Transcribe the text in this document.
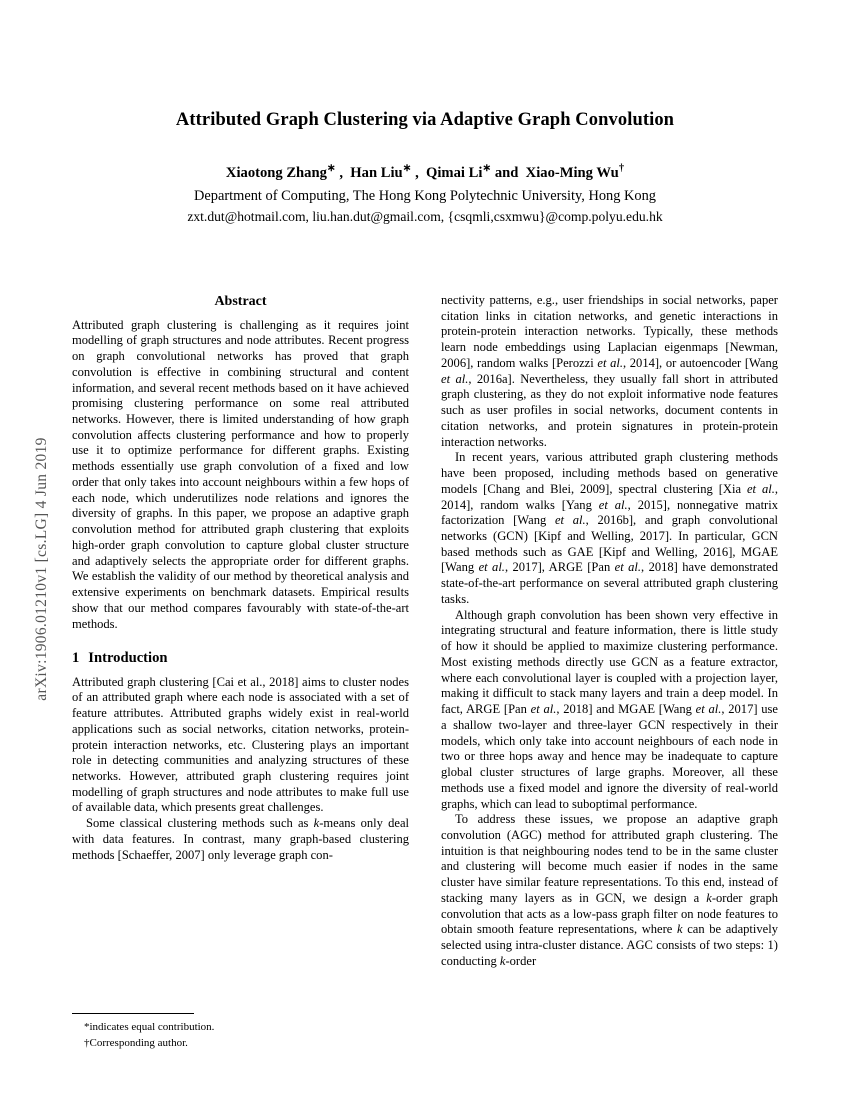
arXiv:1906.01210v1 [cs.LG] 4 Jun 2019
Attributed Graph Clustering via Adaptive Graph Convolution
Xiaotong Zhang∗ ,  Han Liu∗ ,  Qimai Li∗ and  Xiao-Ming Wu†
Department of Computing, The Hong Kong Polytechnic University, Hong Kong
zxt.dut@hotmail.com, liu.han.dut@gmail.com, {csqmli,csxmwu}@comp.polyu.edu.hk
Abstract

Attributed graph clustering is challenging as it requires joint modelling of graph structures and node attributes. Recent progress on graph convolutional networks has proved that graph convolution is effective in combining structural and content information, and several recent methods based on it have achieved promising clustering performance on some real attributed networks. However, there is limited understanding of how graph convolution affects clustering performance and how to properly use it to optimize performance for different graphs. Existing methods essentially use graph convolution of a fixed and low order that only takes into account neighbours within a few hops of each node, which underutilizes node relations and ignores the diversity of graphs. In this paper, we propose an adaptive graph convolution method for attributed graph clustering that exploits high-order graph convolution to capture global cluster structure and adaptively selects the appropriate order for different graphs. We establish the validity of our method by theoretical analysis and extensive experiments on benchmark datasets. Empirical results show that our method compares favourably with state-of-the-art methods.

1 Introduction

Attributed graph clustering [Cai et al., 2018] aims to cluster nodes of an attributed graph where each node is associated with a set of feature attributes. Attributed graphs widely exist in real-world applications such as social networks, citation networks, protein-protein interaction networks, etc. Clustering plays an important role in detecting communities and analyzing structures of these networks. However, attributed graph clustering requires joint modelling of graph structures and node attributes to make full use of available data, which presents great challenges.

Some classical clustering methods such as k-means only deal with data features. In contrast, many graph-based clustering methods [Schaeffer, 2007] only leverage graph con-

nectivity patterns, e.g., user friendships in social networks, paper citation links in citation networks, and genetic interactions in protein-protein interaction networks. Typically, these methods learn node embeddings using Laplacian eigenmaps [Newman, 2006], random walks [Perozzi et al., 2014], or autoencoder [Wang et al., 2016a]. Nevertheless, they usually fall short in attributed graph clustering, as they do not exploit informative node features such as user profiles in social networks, document contents in citation networks, and protein signatures in protein-protein interaction networks.

In recent years, various attributed graph clustering methods have been proposed, including methods based on generative models [Chang and Blei, 2009], spectral clustering [Xia et al., 2014], random walks [Yang et al., 2015], nonnegative matrix factorization [Wang et al., 2016b], and graph convolutional networks (GCN) [Kipf and Welling, 2017]. In particular, GCN based methods such as GAE [Kipf and Welling, 2016], MGAE [Wang et al., 2017], ARGE [Pan et al., 2018] have demonstrated state-of-the-art performance on several attributed graph clustering tasks.

Although graph convolution has been shown very effective in integrating structural and feature information, there is little study of how it should be applied to maximize clustering performance. Most existing methods directly use GCN as a feature extractor, where each convolutional layer is coupled with a projection layer, making it difficult to stack many layers and train a deep model. In fact, ARGE [Pan et al., 2018] and MGAE [Wang et al., 2017] use a shallow two-layer and three-layer GCN respectively in their models, which only take into account neighbours of each node in two or three hops away and hence may be inadequate to capture global cluster structures of large graphs. Moreover, all these methods use a fixed model and ignore the diversity of real-world graphs, which can lead to suboptimal performance.

To address these issues, we propose an adaptive graph convolution (AGC) method for attributed graph clustering. The intuition is that neighbouring nodes tend to be in the same cluster and clustering will become much easier if nodes in the same cluster have similar feature representations. To this end, instead of stacking many layers as in GCN, we design a k-order graph convolution that acts as a low-pass graph filter on node features to obtain smooth feature representations, where k can be adaptively selected using intra-cluster distance. AGC consists of two steps: 1) conducting k-order

*indicates equal contribution.

†Corresponding author.
